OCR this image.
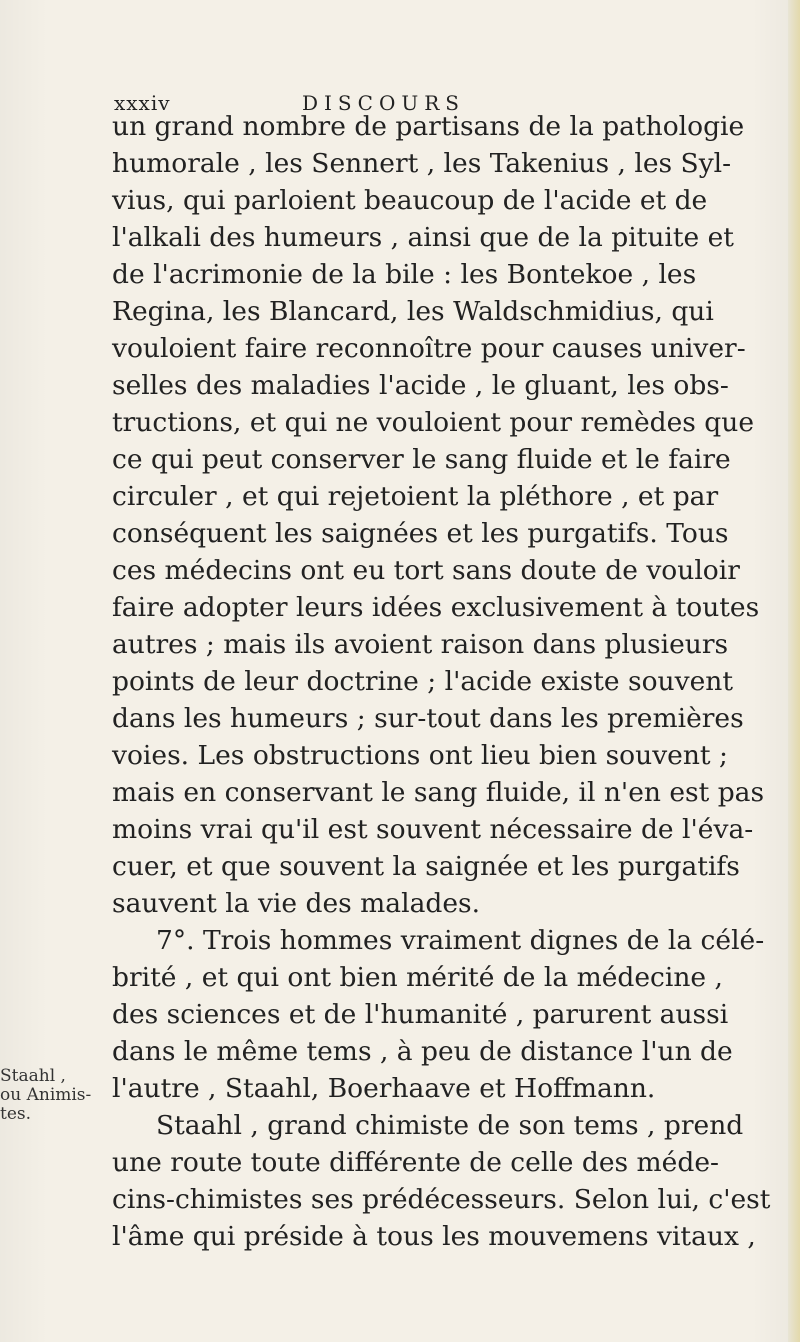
xxxiv	DISCOURS
un grand nombre de partisans de la pathologie
humorale , les Sennert , les Takenius , les Syl-
vius, qui parloient beaucoup de l'acide et de
l'alkali des humeurs , ainsi que de la pituite et
de l'acrimonie de la bile : les Bontekoe , les
Regina, les Blancard, les Waldschmidius, qui
vouloient faire reconnoître pour causes univer-
selles des maladies l'acide , le gluant, les obs-
tructions, et qui ne vouloient pour remèdes que
ce qui peut conserver le sang fluide et le faire
circuler , et qui rejetoient la pléthore , et par
conséquent les saignées et les purgatifs. Tous
ces médecins ont eu tort sans doute de vouloir
faire adopter leurs idées exclusivement à toutes
autres ; mais ils avoient raison dans plusieurs
points de leur doctrine ; l'acide existe souvent
dans les humeurs ; sur-tout dans les premières
voies. Les obstructions ont lieu bien souvent ;
mais en conservant le sang fluide, il n'en est pas
moins vrai qu'il est souvent nécessaire de l'éva-
cuer, et que souvent la saignée et les purgatifs
sauvent la vie des malades.
7°. Trois hommes vraiment dignes de la célé-
brité , et qui ont bien mérité de la médecine ,
des sciences et de l'humanité , parurent aussi
dans le même tems , à peu de distance l'un de
l'autre , Staahl, Boerhaave et Hoffmann.
Staahl , grand chimiste de son tems , prend
une route toute différente de celle des méde-
cins-chimistes ses prédécesseurs. Selon lui, c'est
l'âme qui préside à tous les mouvemens vitaux ,
Staahl ,
ou Animis-
tes.
